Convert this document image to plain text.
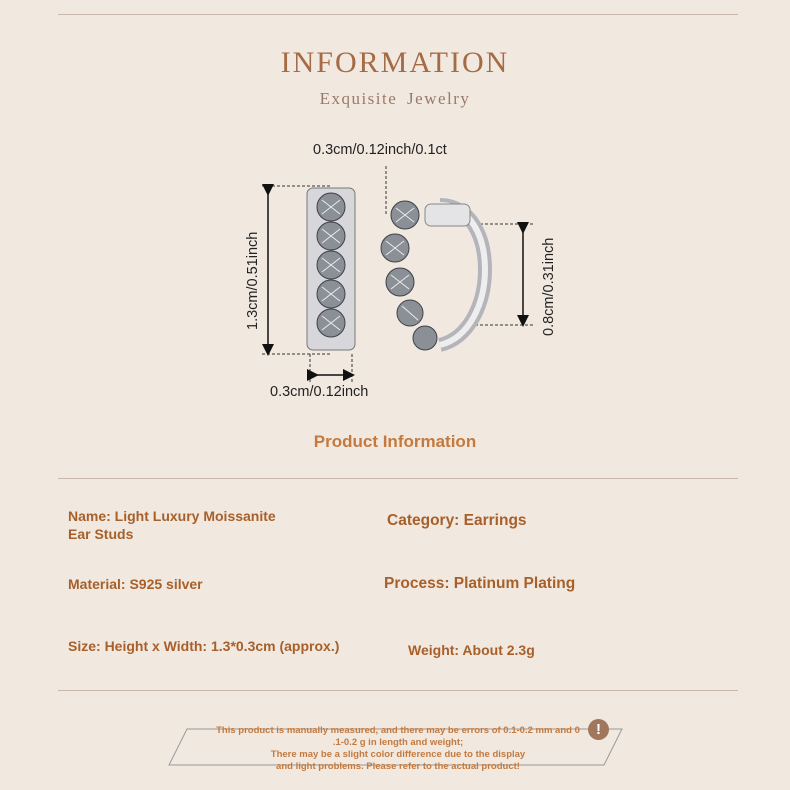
INFORMATION
Exquisite Jewelry
0.3cm/0.12inch/0.1ct
1.3cm/0.51inch
0.3cm/0.12inch
0.8cm/0.31inch
Product Information
Name: Light Luxury Moissanite
Ear Studs
Category: Earrings
Material: S925 silver	Process: Platinum Plating
Size: Height x Width: 1.3*0.3cm (approx.)	Weight: About 2.3g
This product is manually measured, and there may be errors of 0.1-0.2 mm and 0
.1-0.2 g in length and weight;
There may be a slight color difference due to the display
and light problems. Please refer to the actual product!
!
